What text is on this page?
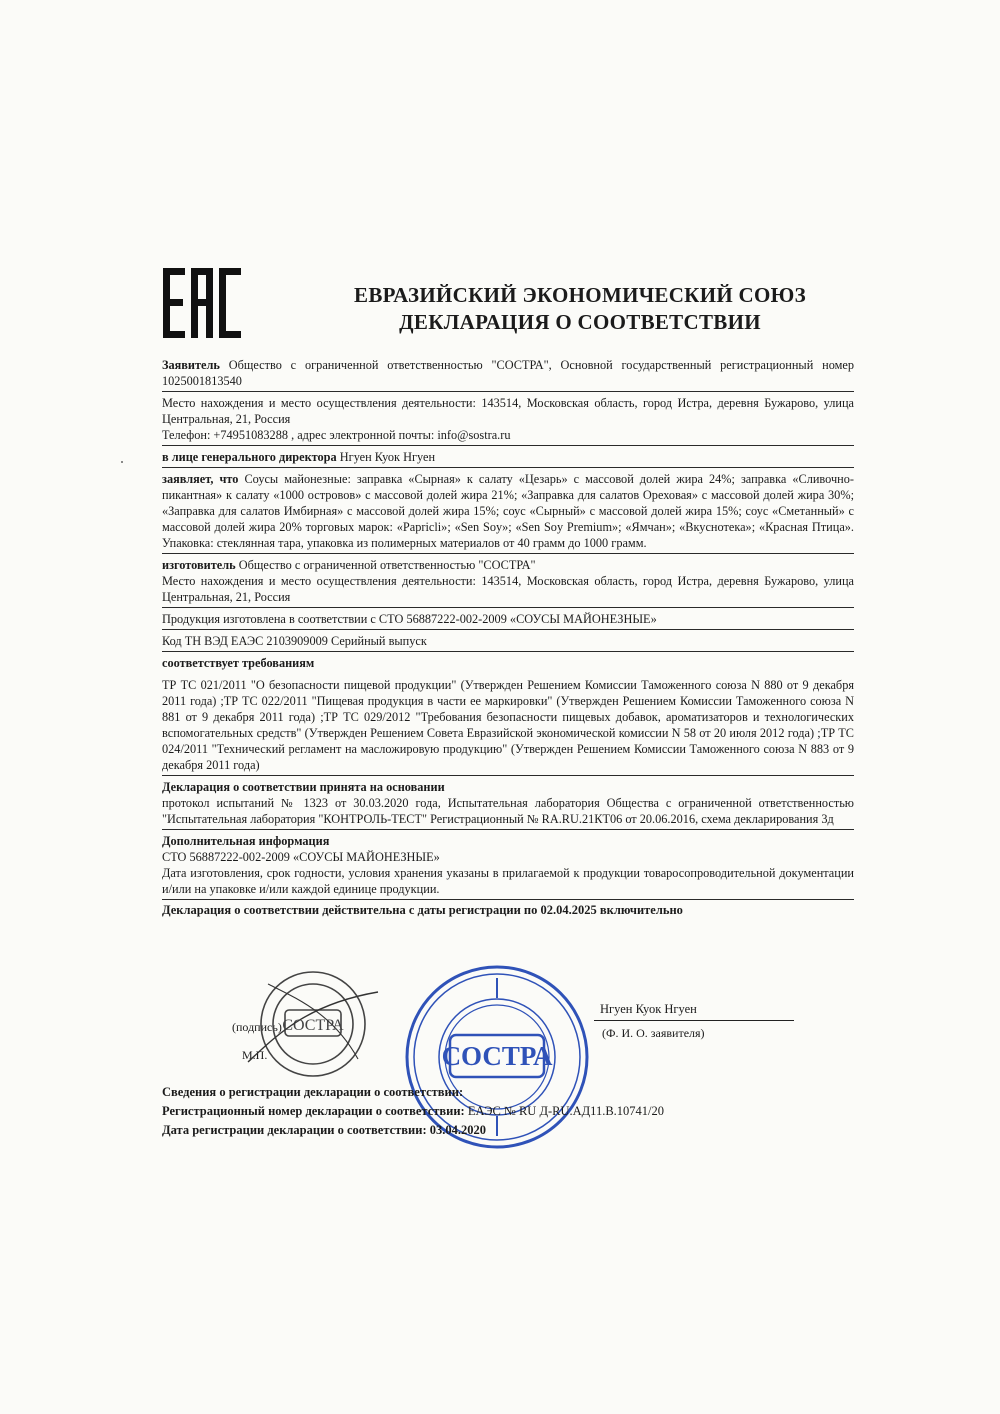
ЕВРАЗИЙСКИЙ ЭКОНОМИЧЕСКИЙ СОЮЗ
ДЕКЛАРАЦИЯ О СООТВЕТСТВИИ

Заявитель Общество с ограниченной ответственностью "СОСТРА", Основной государственный регистрационный номер 1025001813540

Место нахождения и место осуществления деятельности: 143514, Московская область, город Истра, деревня Бужарово, улица Центральная, 21, Россия

Телефон: +74951083288 , адрес электронной почты: info@sostra.ru

в лице генерального директора Нгуен Куок Нгуен

заявляет, что Соусы майонезные: заправка «Сырная» к салату «Цезарь» с массовой долей жира 24%; заправка «Сливочно-пикантная» к салату «1000 островов» с массовой долей жира 21%; «Заправка для салатов Ореховая» с массовой долей жира 30%; «Заправка для салатов Имбирная» с массовой долей жира 15%; соус «Сырный» с массовой долей жира 15%; соус «Сметанный» с массовой долей жира 20% торговых марок: «Papricli»; «Sen Soy»; «Sen Soy Premium»; «Ямчан»; «Вкуснотека»; «Красная Птица». Упаковка: стеклянная тара, упаковка из полимерных материалов от 40 грамм до 1000 грамм.

изготовитель Общество с ограниченной ответственностью "СОСТРА"

Место нахождения и место осуществления деятельности: 143514, Московская область, город Истра, деревня Бужарово, улица Центральная, 21, Россия

Продукция изготовлена в соответствии с СТО 56887222-002-2009 «СОУСЫ МАЙОНЕЗНЫЕ»

Код ТН ВЭД ЕАЭС 2103909009 Серийный выпуск

соответствует требованиям

ТР ТС 021/2011 "О безопасности пищевой продукции" (Утвержден Решением Комиссии Таможенного союза N 880 от 9 декабря 2011 года) ;ТР ТС 022/2011 "Пищевая продукция в части ее маркировки" (Утвержден Решением Комиссии Таможенного союза N 881 от 9 декабря 2011 года) ;ТР ТС 029/2012 "Требования безопасности пищевых добавок, ароматизаторов и технологических вспомогательных средств" (Утвержден Решением Совета Евразийской экономической комиссии N 58 от 20 июля 2012 года) ;ТР ТС 024/2011 "Технический регламент на масложировую продукцию" (Утвержден Решением Комиссии Таможенного союза N 883 от 9 декабря 2011 года)

Декларация о соответствии принята на основании

протокол испытаний № 1323 от 30.03.2020 года, Испытательная лаборатория Общества с ограниченной ответственностью "Испытательная лаборатория "КОНТРОЛЬ-ТЕСТ" Регистрационный № RA.RU.21КТ06 от 20.06.2016, схема декларирования 3д

Дополнительная информация

СТО 56887222-002-2009 «СОУСЫ МАЙОНЕЗНЫЕ»

Дата изготовления, срок годности, условия хранения указаны в прилагаемой к продукции товаросопроводительной документации и/или на упаковке и/или каждой единице продукции.

Декларация о соответствии действительна с даты регистрации по 02.04.2025 включительно

(подпись)
М.П.
Нгуен Куок Нгуен
(Ф. И. О. заявителя)
СОСТРА
СОСТРА
Сведения о регистрации декларации о соответствии:
Регистрационный номер декларации о соответствии: ЕАЭС № RU Д-RU.АД11.В.10741/20
Дата регистрации декларации о соответствии: 03.04.2020
